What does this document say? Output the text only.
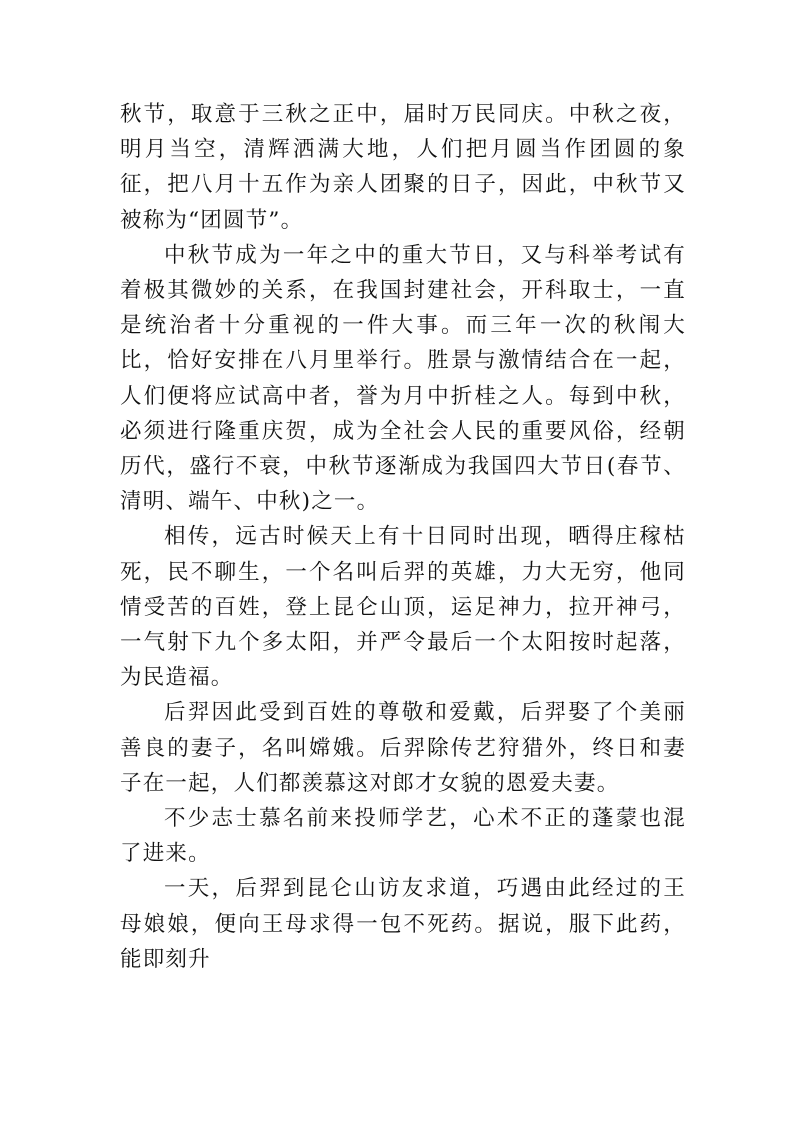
秋节，取意于三秋之正中，届时万民同庆。中秋之夜，明月当空，清辉洒满大地，人们把月圆当作团圆的象征，把八月十五作为亲人团聚的日子，因此，中秋节又被称为“团圆节”。

中秋节成为一年之中的重大节日，又与科举考试有着极其微妙的关系，在我国封建社会，开科取士，一直是统治者十分重视的一件大事。而三年一次的秋闱大比，恰好安排在八月里举行。胜景与激情结合在一起，人们便将应试高中者，誉为月中折桂之人。每到中秋，必须进行隆重庆贺，成为全社会人民的重要风俗，经朝历代，盛行不衰，中秋节逐渐成为我国四大节日(春节、清明、端午、中秋)之一。

相传，远古时候天上有十日同时出现，晒得庄稼枯死，民不聊生，一个名叫后羿的英雄，力大无穷，他同情受苦的百姓，登上昆仑山顶，运足神力，拉开神弓，一气射下九个多太阳，并严令最后一个太阳按时起落，为民造福。

后羿因此受到百姓的尊敬和爱戴，后羿娶了个美丽善良的妻子，名叫嫦娥。后羿除传艺狩猎外，终日和妻子在一起，人们都羡慕这对郎才女貌的恩爱夫妻。

不少志士慕名前来投师学艺，心术不正的蓬蒙也混了进来。

一天，后羿到昆仑山访友求道，巧遇由此经过的王母娘娘，便向王母求得一包不死药。据说，服下此药，能即刻升
